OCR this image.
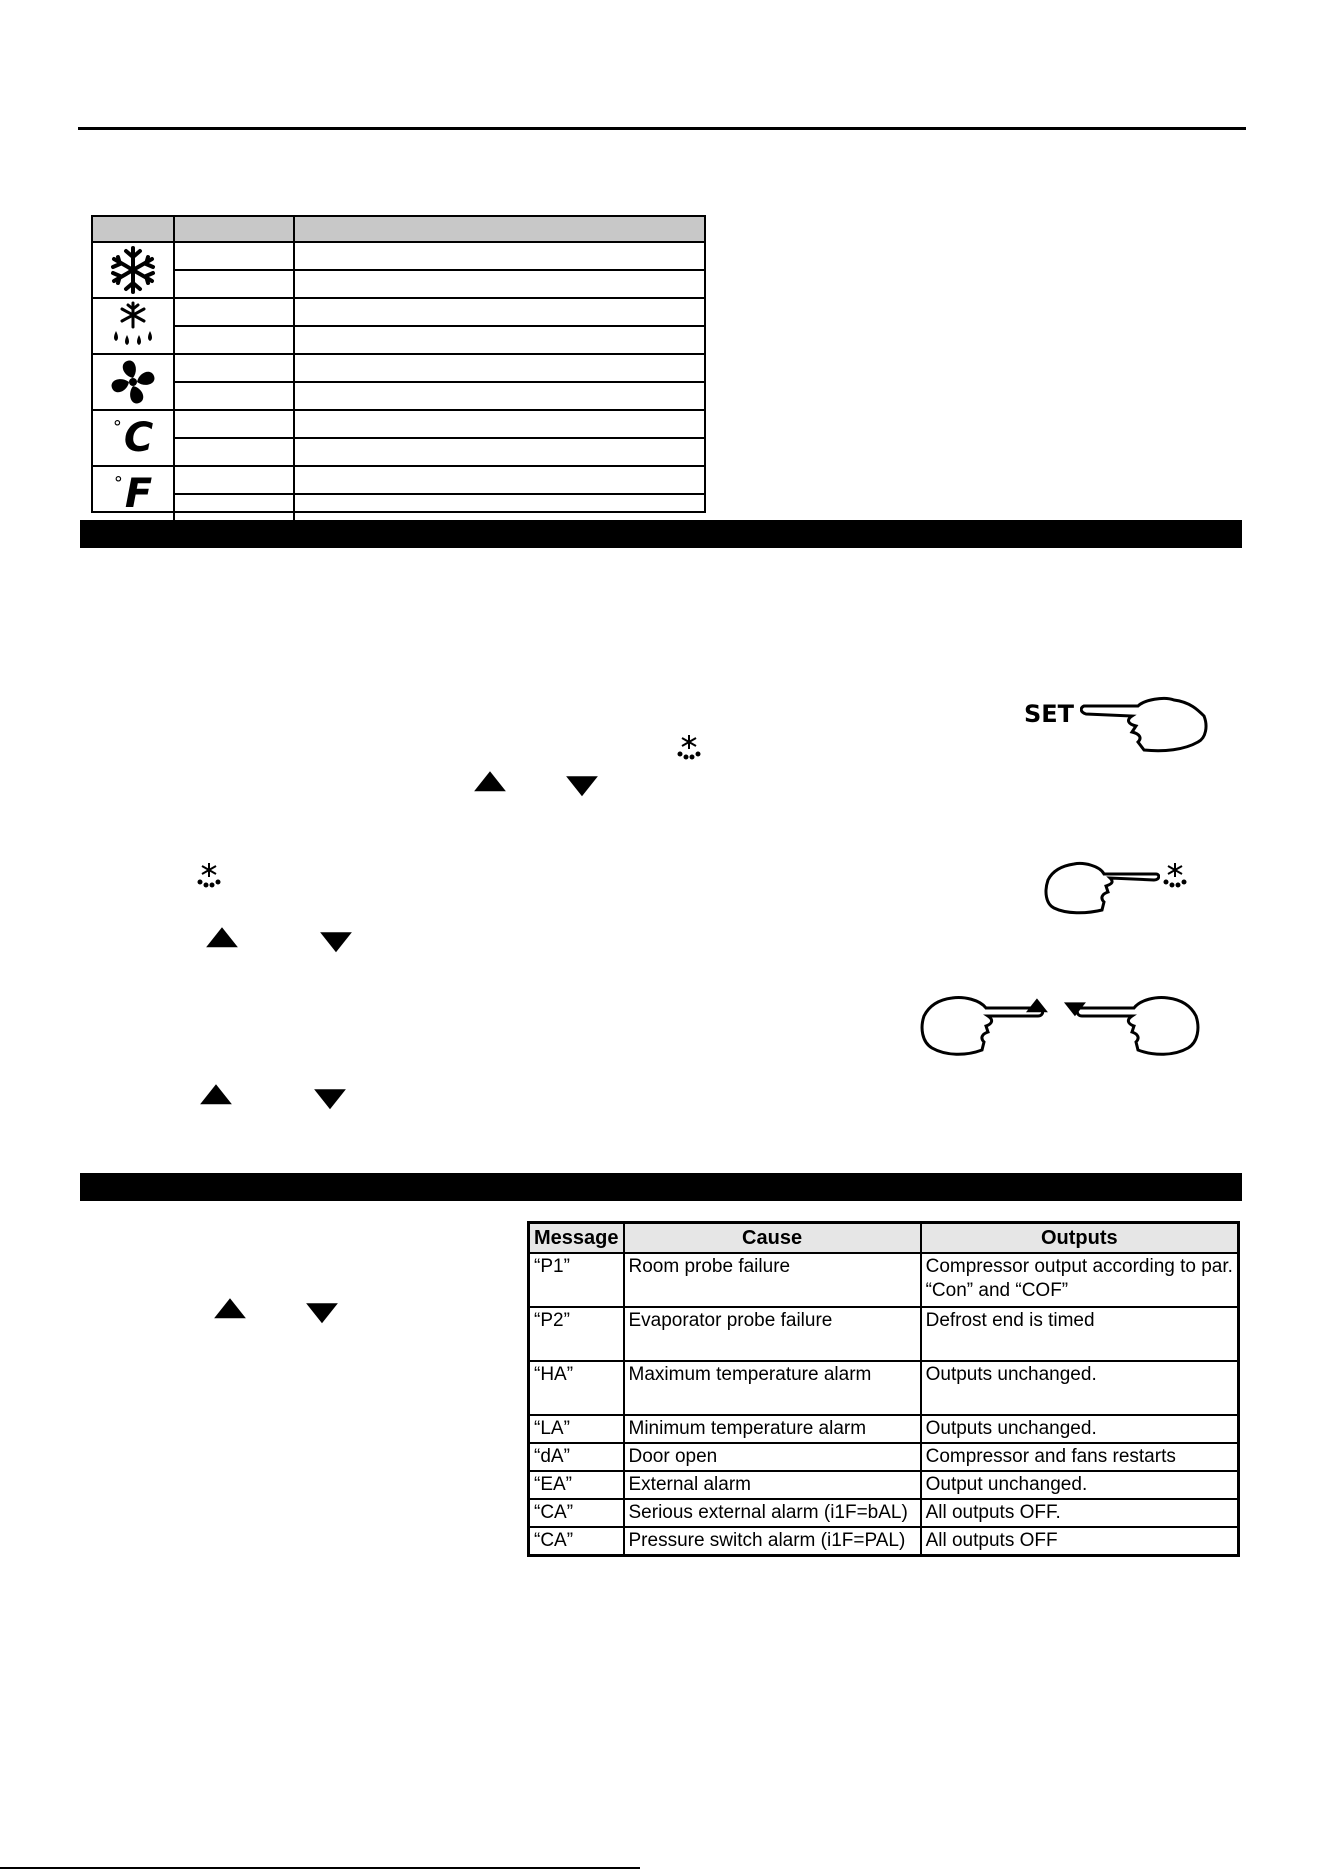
°C
°F
▲ ▼
▲	▼
▲	▼
▲ ▼
SET
▲ ▼
Message	Cause	Outputs
“P1”	Room probe failure	Compressor output according to par. “Con” and “COF”
“P2”	Evaporator probe failure	Defrost end is timed
“HA”	Maximum temperature alarm	Outputs unchanged.
“LA”	Minimum temperature alarm	Outputs unchanged.
“dA”	Door open	Compressor and fans restarts
“EA”	External alarm	Output unchanged.
“CA”	Serious external alarm (i1F=bAL)	All outputs OFF.
“CA”	Pressure switch alarm (i1F=PAL)	All outputs OFF
